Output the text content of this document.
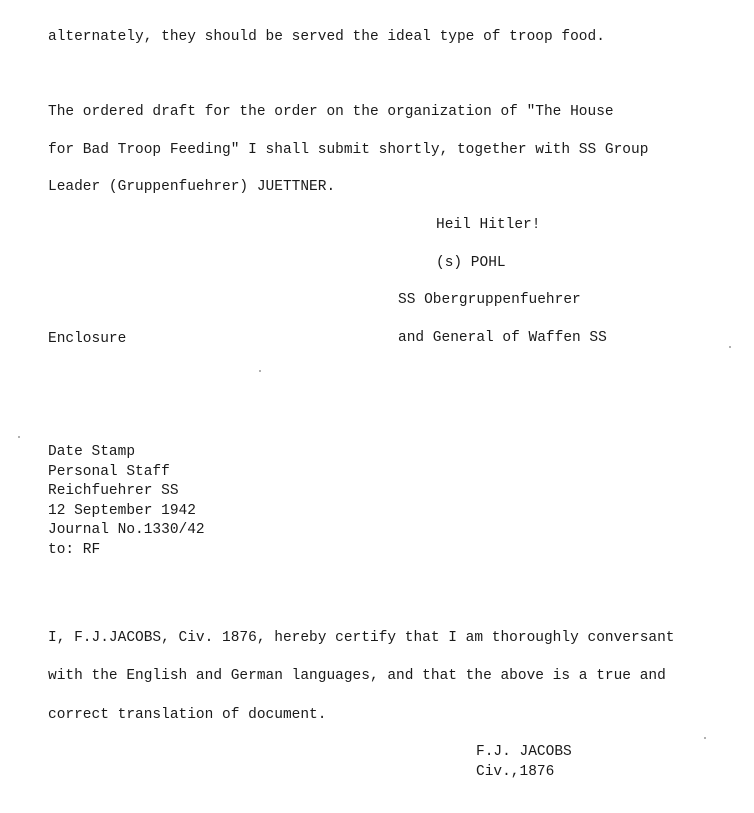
alternately, they should be served the ideal type of troop food.
The ordered draft for the order on the organization of "The House
for Bad Troop Feeding" I shall submit shortly, together with SS Group
Leader (Gruppenfuehrer) JUETTNER.
Heil Hitler!
(s) POHL
SS Obergruppenfuehrer
and General of Waffen SS
Enclosure
Date Stamp
Personal Staff
Reichfuehrer SS
12 September 1942
Journal No.1330/42
to: RF
I, F.J.JACOBS, Civ. 1876, hereby certify that I am thoroughly conversant
with the English and German languages, and that the above is a true and
correct translation of document.
F.J. JACOBS
Civ.,1876
